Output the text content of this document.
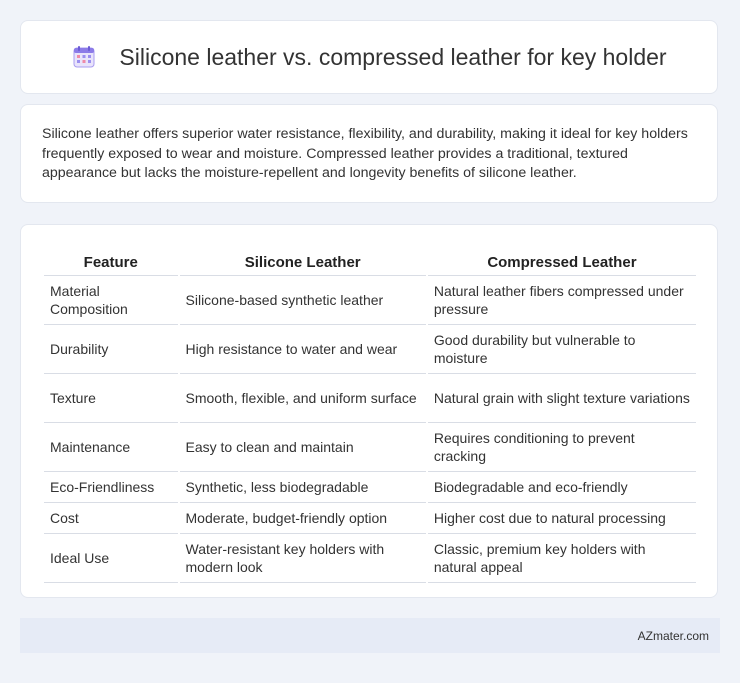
Silicone leather vs. compressed leather for key holder

Silicone leather offers superior water resistance, flexibility, and durability, making it ideal for key holders frequently exposed to wear and moisture. Compressed leather provides a traditional, textured appearance but lacks the moisture-repellent and longevity benefits of silicone leather.

Feature	Silicone Leather	Compressed Leather
Material Composition	Silicone-based synthetic leather	Natural leather fibers compressed under pressure
Durability	High resistance to water and wear	Good durability but vulnerable to moisture
Texture	Smooth, flexible, and uniform surface	Natural grain with slight texture variations
Maintenance	Easy to clean and maintain	Requires conditioning to prevent cracking
Eco-Friendliness	Synthetic, less biodegradable	Biodegradable and eco-friendly
Cost	Moderate, budget-friendly option	Higher cost due to natural processing
Ideal Use	Water-resistant key holders with modern look	Classic, premium key holders with natural appeal
AZmater.com
